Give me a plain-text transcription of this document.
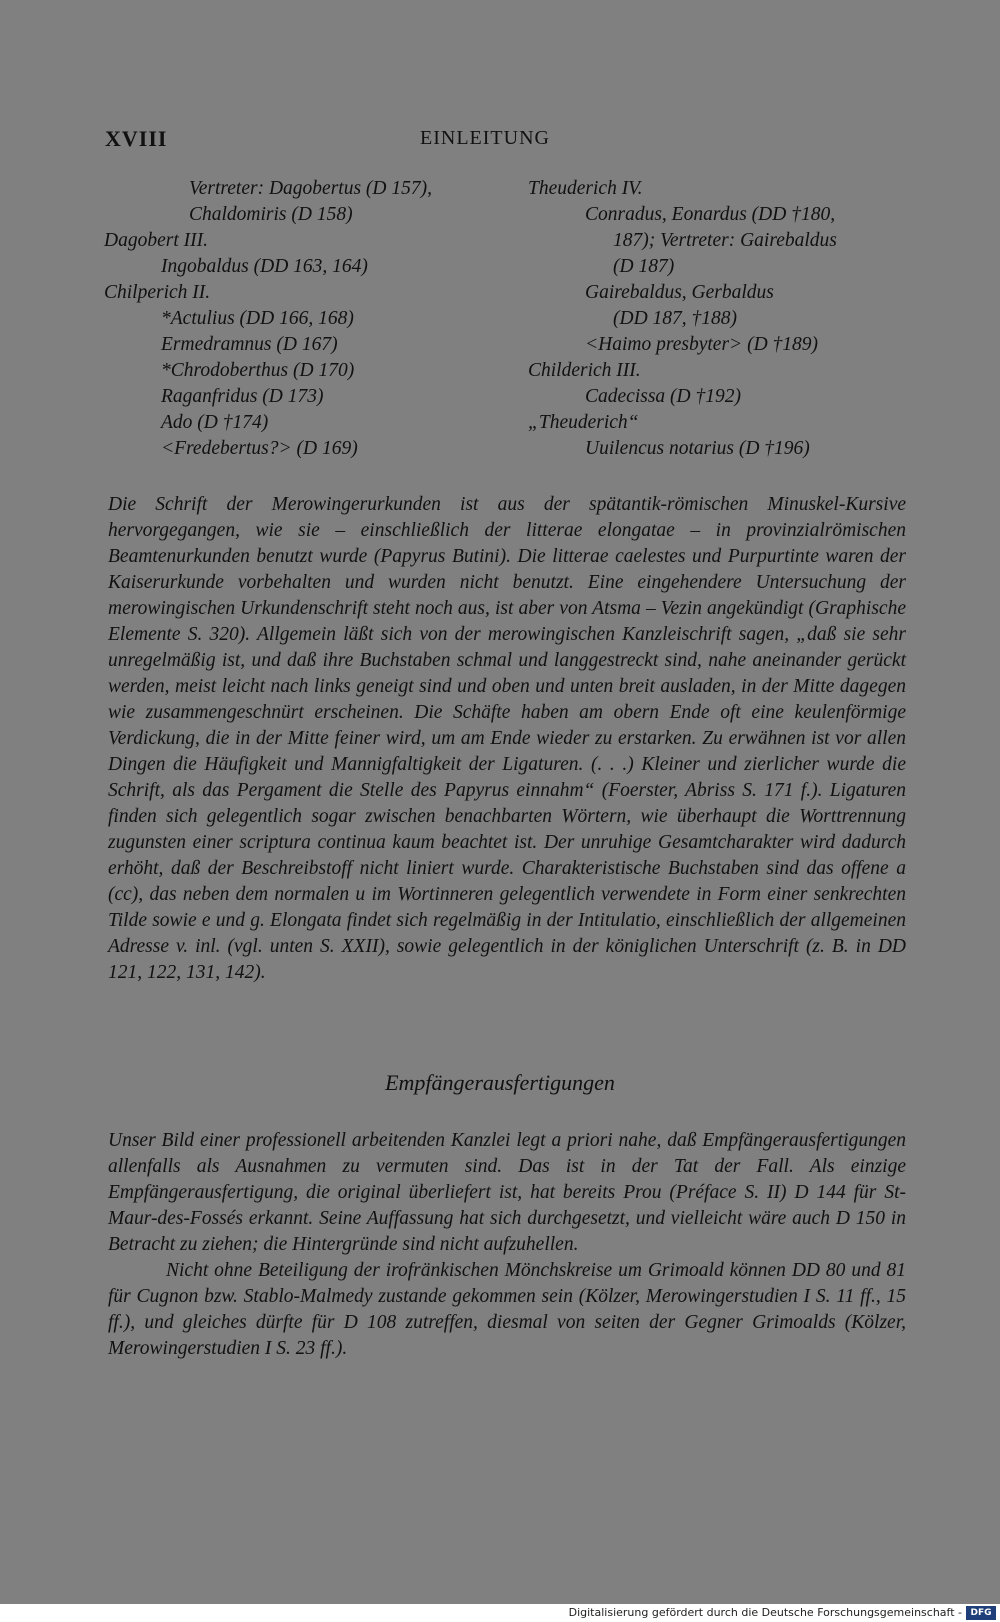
XVIII	EINLEITUNG
Vertreter: Dagobertus (D 157),
Chaldomiris (D 158)
Dagobert III.
Ingobaldus (DD 163, 164)
Chilperich II.
*Actulius (DD 166, 168)
Ermedramnus (D 167)
*Chrodoberthus (D 170)
Raganfridus (D 173)
Ado (D †174)
<Fredebertus?> (D 169)
Theuderich IV.
Conradus, Eonardus (DD †180,
187); Vertreter: Gairebaldus
(D 187)
Gairebaldus, Gerbaldus
(DD 187, †188)
<Haimo presbyter> (D †189)
Childerich III.
Cadecissa (D †192)
„Theuderich“
Uuilencus notarius (D †196)
Die Schrift der Merowingerurkunden ist aus der spätantik-römischen Minuskel-Kursive hervorgegangen, wie sie – einschließlich der litterae elongatae – in provinzialrömischen Beamtenurkunden benutzt wurde (Papyrus Butini). Die litterae caelestes und Purpurtinte waren der Kaiserurkunde vorbehalten und wurden nicht benutzt. Eine eingehendere Untersuchung der merowingischen Urkundenschrift steht noch aus, ist aber von Atsma – Vezin angekündigt (Graphische Elemente S. 320). Allgemein läßt sich von der merowingischen Kanzleischrift sagen, „daß sie sehr unregelmäßig ist, und daß ihre Buchstaben schmal und langgestreckt sind, nahe aneinander gerückt werden, meist leicht nach links geneigt sind und oben und unten breit ausladen, in der Mitte dagegen wie zusammengeschnürt erscheinen. Die Schäfte haben am obern Ende oft eine keulenförmige Verdickung, die in der Mitte feiner wird, um am Ende wieder zu erstarken. Zu erwähnen ist vor allen Dingen die Häufigkeit und Mannigfaltigkeit der Ligaturen. (. . .) Kleiner und zierlicher wurde die Schrift, als das Pergament die Stelle des Papyrus einnahm“ (Foerster, Abriss S. 171 f.). Ligaturen finden sich gelegentlich sogar zwischen benachbarten Wörtern, wie überhaupt die Worttrennung zugunsten einer scriptura continua kaum beachtet ist. Der unruhige Gesamtcharakter wird dadurch erhöht, daß der Beschreibstoff nicht liniert wurde. Charakteristische Buchstaben sind das offene a (cc), das neben dem normalen u im Wortinneren gelegentlich verwendete in Form einer senkrechten Tilde sowie e und g. Elongata findet sich regelmäßig in der Intitulatio, einschließlich der allgemeinen Adresse v. inl. (vgl. unten S. XXII), sowie gelegentlich in der königlichen Unterschrift (z. B. in DD 121, 122, 131, 142).
Empfängerausfertigungen
Unser Bild einer professionell arbeitenden Kanzlei legt a priori nahe, daß Empfängerausfertigungen allenfalls als Ausnahmen zu vermuten sind. Das ist in der Tat der Fall. Als einzige Empfängerausfertigung, die original überliefert ist, hat bereits Prou (Préface S. II) D 144 für St-Maur-des-Fossés erkannt. Seine Auffassung hat sich durchgesetzt, und vielleicht wäre auch D 150 in Betracht zu ziehen; die Hintergründe sind nicht aufzuhellen.
Nicht ohne Beteiligung der irofränkischen Mönchskreise um Grimoald können DD 80 und 81 für Cugnon bzw. Stablo-Malmedy zustande gekommen sein (Kölzer, Merowingerstudien I S. 11 ff., 15 ff.), und gleiches dürfte für D 108 zutreffen, diesmal von seiten der Gegner Grimoalds (Kölzer, Merowingerstudien I S. 23 ff.).
Digitalisierung gefördert durch die Deutsche Forschungsgemeinschaft - DFG
